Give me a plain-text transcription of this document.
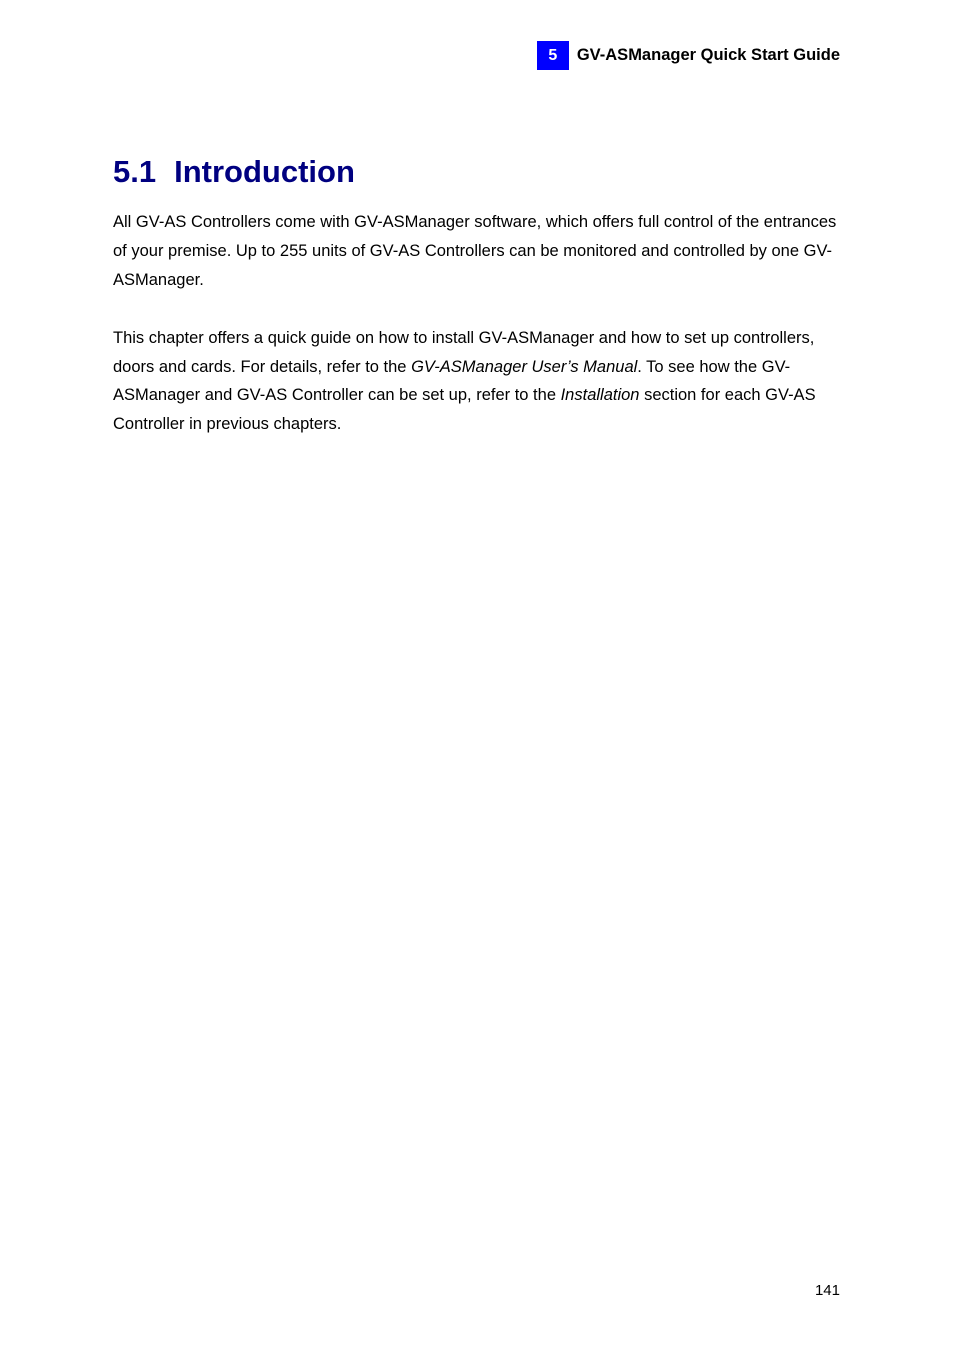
5	GV-ASManager Quick Start Guide
5.1 Introduction

All GV-AS Controllers come with GV-ASManager software, which offers full control of the entrances of your premise. Up to 255 units of GV-AS Controllers can be monitored and controlled by one GV-ASManager.

This chapter offers a quick guide on how to install GV-ASManager and how to set up controllers, doors and cards. For details, refer to the GV-ASManager User’s Manual. To see how the GV-ASManager and GV-AS Controller can be set up, refer to the Installation section for each GV-AS Controller in previous chapters.

141
